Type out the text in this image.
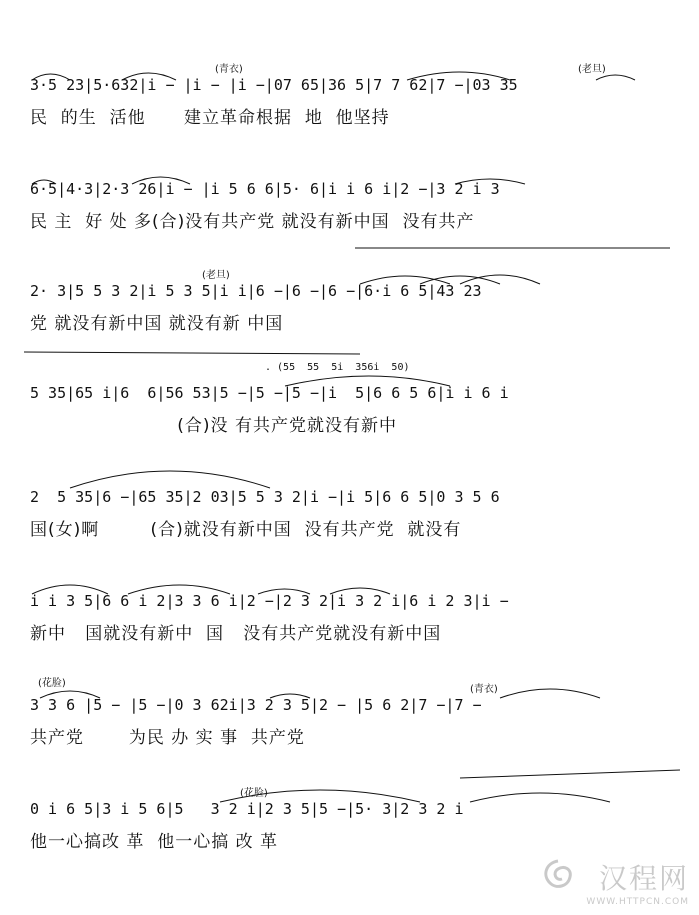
(青衣)	(老旦)
3·5 23|5·632|i − |i − |i −|07 65|36 5|7 7 62|7 −|03 35
民  的生  活他      建立革命根据  地  他坚持
6·5|4·3|2·3 26|i − |i 5 6 6|5· 6|i i 6 i|2 −|3 2 i 3
民 主  好 处 多(合)没有共产党 就没有新中国  没有共产
(老旦)
2· 3|5 5 3 2|i 5 3 5|i i|6 −|6 −|6 −|6·i 6 5|43 23
党 就没有新中国 就没有新 中国
. (55  55  5i  356i  50)
5 35|65 i|6  6|56 53|5 −|5 −|5 −|i  5|6 6 5 6|i i 6 i
(合)没 有共产党就没有新中
2  5 35|6 −|65 35|2 03|5 5 3 2|i −|i 5|6 6 5|0 3 5 6
国(女)啊        (合)就没有新中国  没有共产党  就没有
i i 3 5|6 6 i 2|3 3 6 i|2 −|2 3 2|i 3 2 i|6 i 2 3|i −
新中   国就没有新中  国   没有共产党就没有新中国
(花脸)
(青衣)
3 3 6 |5 − |5 −|0 3 62i|3 2 3 5|2 − |5 6 2|7 −|7 −
共产党       为民 办 实 事  共产党
(花脸)
0 i 6 5|3 i 5 6|5   3 2 i|2 3 5|5 −|5· 3|2 3 2 i
他一心搞改 革  他一心搞 改 革
汉程网
WWW.HTTPCN.COM
